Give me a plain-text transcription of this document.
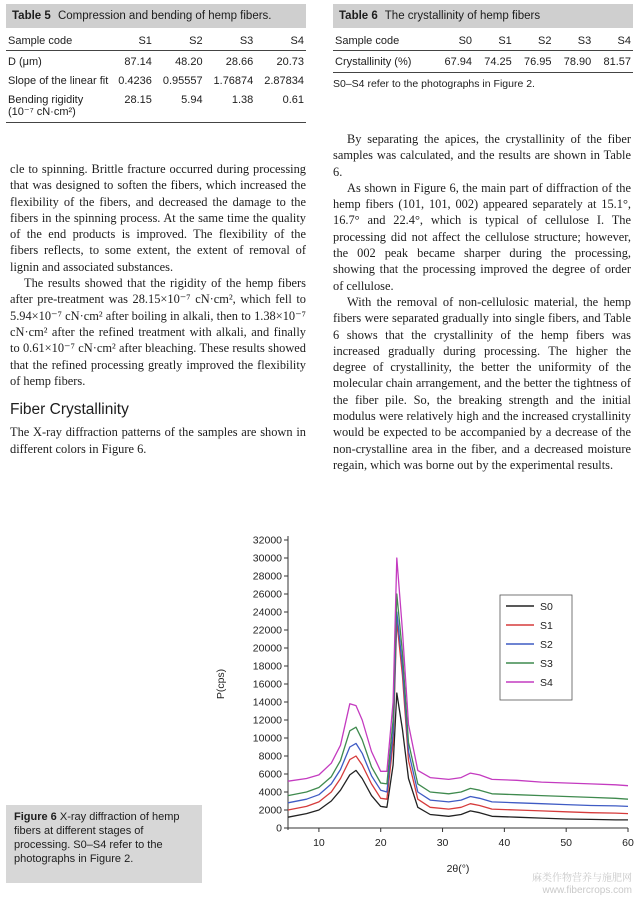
Table 5 Compression and bending of hemp fibers.
Sample code	S1	S2	S3	S4
D (μm)	87.14	48.20	28.66	20.73
Slope of the linear fit	0.4236	0.95557	1.76874	2.87834
Bending rigidity (10⁻⁷ cN·cm²)	28.15	5.94	1.38	0.61
Table 6 The crystallinity of hemp fibers
Sample code	S0	S1	S2	S3	S4
Crystallinity (%)	67.94	74.25	76.95	78.90	81.57
S0–S4 refer to the photographs in Figure 2.

cle to spinning. Brittle fracture occurred during processing that was designed to soften the fibers, which increased the flexibility of the fibers, and decreased the damage to the fibers in the spinning process. At the same time the quality of the end products is improved. The flexibility of the fibers reflects, to some extent, the extent of removal of lignin and associated substances.

The results showed that the rigidity of the hemp fibers after pre-treatment was 28.15×10⁻⁷ cN·cm², which fell to 5.94×10⁻⁷ cN·cm² after boiling in alkali, then to 1.38×10⁻⁷ cN·cm² after the refined treatment with alkali, and finally to 0.61×10⁻⁷ cN·cm² after bleaching. These results showed that the refined processing greatly improved the flexibility of hemp fibers.

Fiber Crystallinity

The X-ray diffraction patterns of the samples are shown in different colors in Figure 6.

By separating the apices, the crystallinity of the fiber samples was calculated, and the results are shown in Table 6.

As shown in Figure 6, the main part of diffraction of the hemp fibers (101, 101, 002) appeared separately at 15.1°, 16.7° and 22.4°, which is typical of cellulose I. The processing did not affect the cellulose structure; however, the 002 peak became sharper during the processing, showing that the processing improved the degree of order of cellulose.

With the removal of non-cellulosic material, the hemp fibers were separated gradually into single fibers, and Table 6 shows that the crystallinity of the hemp fibers was increased gradually during processing. The higher the degree of crystallinity, the better the uniformity of the molecular chain arrangement, and the better the tightness of the fiber pile. So, the breaking strength and the initial modulus were relatively high and the increased crystallinity would be expected to be accompanied by a decrease of the non-crystalline area in the fiber, and a decreased moisture regain, which was borne out by the experimental results.

Figure 6 X-ray diffraction of hemp fibers at different stages of processing. S0–S4 refer to the photographs in Figure 2.
0
2000
4000
6000
8000
10000
12000
14000
16000
18000
20000
22000
24000
26000
28000
30000
32000
10	20	30	40	50	60
P(cps)
2θ(°)
S0
S1
S2
S3
S4
麻类作物营养与施肥网
www.fibercrops.com
